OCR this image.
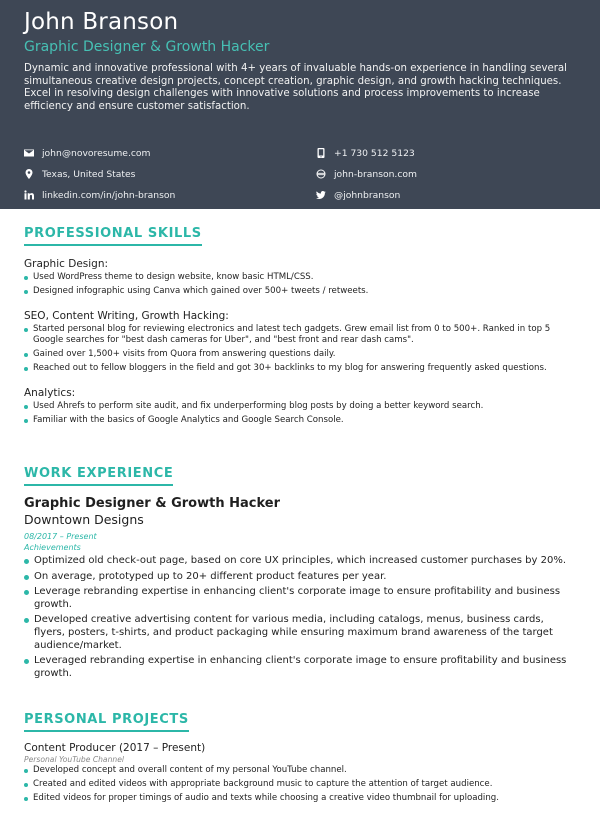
John Branson
Graphic Designer & Growth Hacker
Dynamic and innovative professional with 4+ years of invaluable hands-on experience in handling several simultaneous creative design projects, concept creation, graphic design, and growth hacking techniques. Excel in resolving design challenges with innovative solutions and process improvements to increase efficiency and ensure customer satisfaction.
john@novoresume.com	+1 730 512 5123
Texas, United States	john-branson.com
linkedin.com/in/john-branson	@johnbranson
PROFESSIONAL SKILLS
Graphic Design:
Used WordPress theme to design website, know basic HTML/CSS.
Designed infographic using Canva which gained over 500+ tweets / retweets.
SEO, Content Writing, Growth Hacking:
Started personal blog for reviewing electronics and latest tech gadgets. Grew email list from 0 to 500+. Ranked in top 5 Google searches for "best dash cameras for Uber", and "best front and rear dash cams".
Gained over 1,500+ visits from Quora from answering questions daily.
Reached out to fellow bloggers in the field and got 30+ backlinks to my blog for answering frequently asked questions.
Analytics:
Used Ahrefs to perform site audit, and fix underperforming blog posts by doing a better keyword search.
Familiar with the basics of Google Analytics and Google Search Console.
WORK EXPERIENCE
Graphic Designer & Growth Hacker
Downtown Designs
08/2017 – Present
Achievements
Optimized old check-out page, based on core UX principles, which increased customer purchases by 20%.
On average, prototyped up to 20+ different product features per year.
Leverage rebranding expertise in enhancing client's corporate image to ensure profitability and business growth.
Developed creative advertising content for various media, including catalogs, menus, business cards, flyers, posters, t-shirts, and product packaging while ensuring maximum brand awareness of the target audience/market.
Leveraged rebranding expertise in enhancing client's corporate image to ensure profitability and business growth.
PERSONAL PROJECTS
Content Producer (2017 – Present)
Personal YouTube Channel
Developed concept and overall content of my personal YouTube channel.
Created and edited videos with appropriate background music to capture the attention of target audience.
Edited videos for proper timings of audio and texts while choosing a creative video thumbnail for uploading.
